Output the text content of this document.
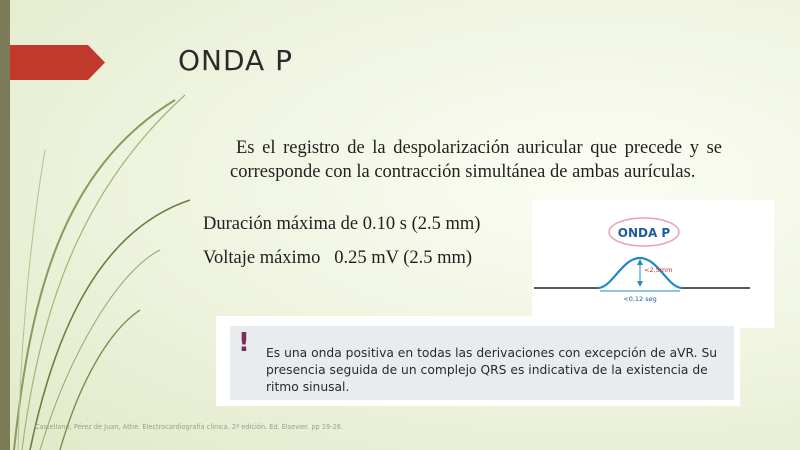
ONDA P

Es el registro de la despolarización auricular que precede y se corresponde con la contracción simultánea de ambas aurículas.

Duración máxima de 0.10 s (2.5 mm)
Voltaje máximo   0.25 mV (2.5 mm)
ONDA P
<2,5mm
<0,12 seg
! Es una onda positiva en todas las derivaciones con excepción de aVR. Su presencia seguida de un complejo QRS es indicativa de la existencia de ritmo sinusal.

Castellano, Pérez de Juan, Attie. Electrocardiografía clínica. 2ª edición. Ed. Elsevier. pp 19-26.
